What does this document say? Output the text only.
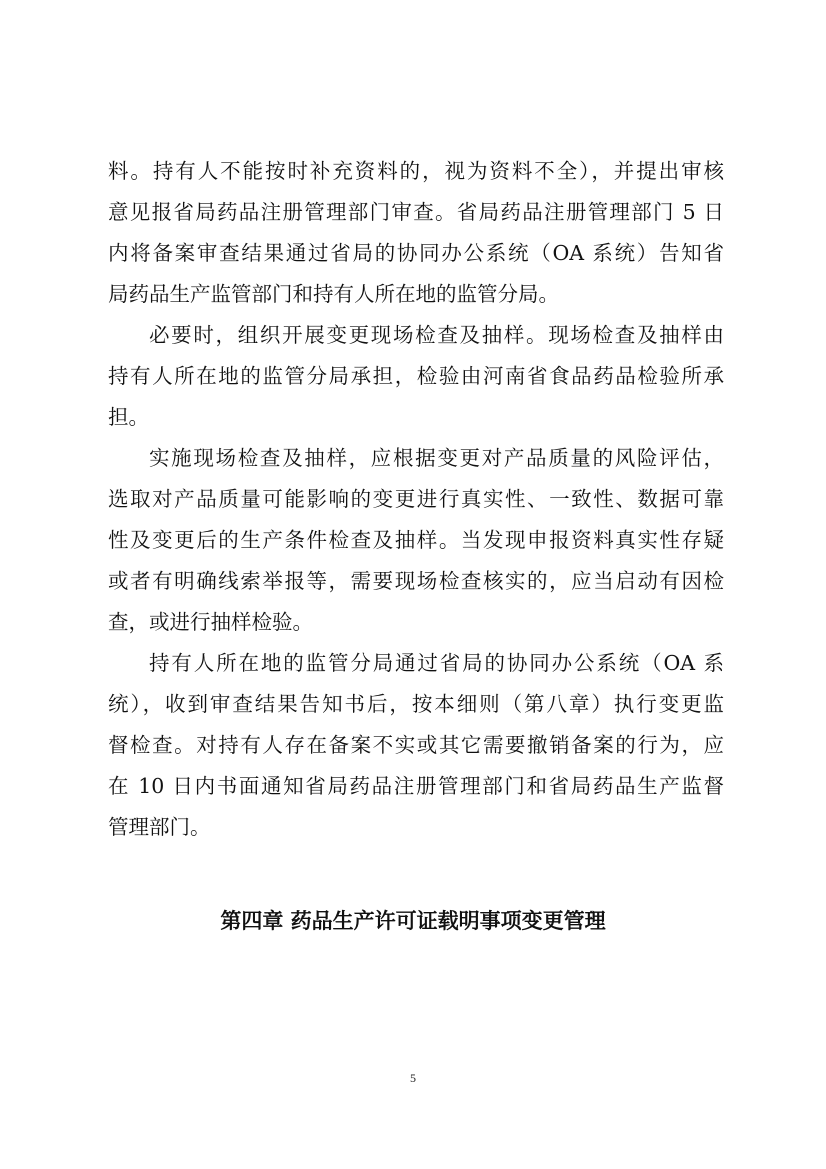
料。持有人不能按时补充资料的，视为资料不全），并提出审核
意见报省局药品注册管理部门审查。省局药品注册管理部门 5 日
内将备案审查结果通过省局的协同办公系统（OA 系统）告知省
局药品生产监管部门和持有人所在地的监管分局。
必要时，组织开展变更现场检查及抽样。现场检查及抽样由
持有人所在地的监管分局承担，检验由河南省食品药品检验所承
担。
实施现场检查及抽样，应根据变更对产品质量的风险评估，
选取对产品质量可能影响的变更进行真实性、一致性、数据可靠
性及变更后的生产条件检查及抽样。当发现申报资料真实性存疑
或者有明确线索举报等，需要现场检查核实的，应当启动有因检
查，或进行抽样检验。
持有人所在地的监管分局通过省局的协同办公系统（OA 系
统），收到审查结果告知书后，按本细则（第八章）执行变更监
督检查。对持有人存在备案不实或其它需要撤销备案的行为，应
在 10 日内书面通知省局药品注册管理部门和省局药品生产监督
管理部门。
第四章 药品生产许可证载明事项变更管理
5
